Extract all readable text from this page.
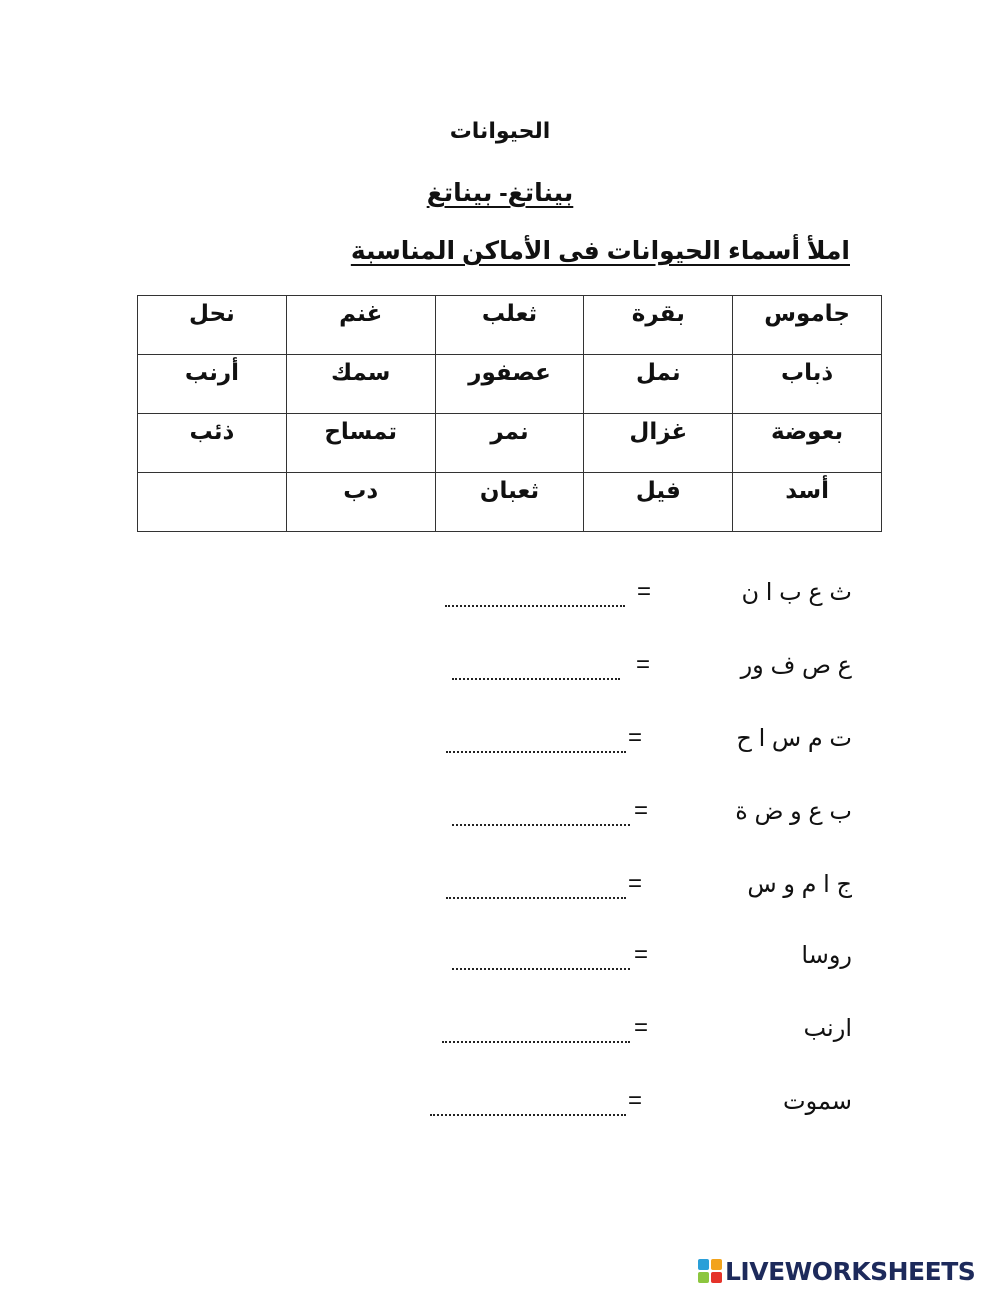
الحيوانات
بيناتغ- بيناتغ
املأ أسماء الحيوانات فى الأماكن المناسبة
جاموس	بقرة	ثعلب	غنم	نحل
ذباب	نمل	عصفور	سمك	أرنب
بعوضة	غزال	نمر	تمساح	ذئب
أسد	فيل	ثعبان	دب	
ث ع ب ا ن
=
ع ص ف ور
=
ت م س ا ح
=
ب ع و ض ة
=
ج ا م و س
=
روسا
=
ارنب
=
سموت
=
LIVEWORKSHEETS
